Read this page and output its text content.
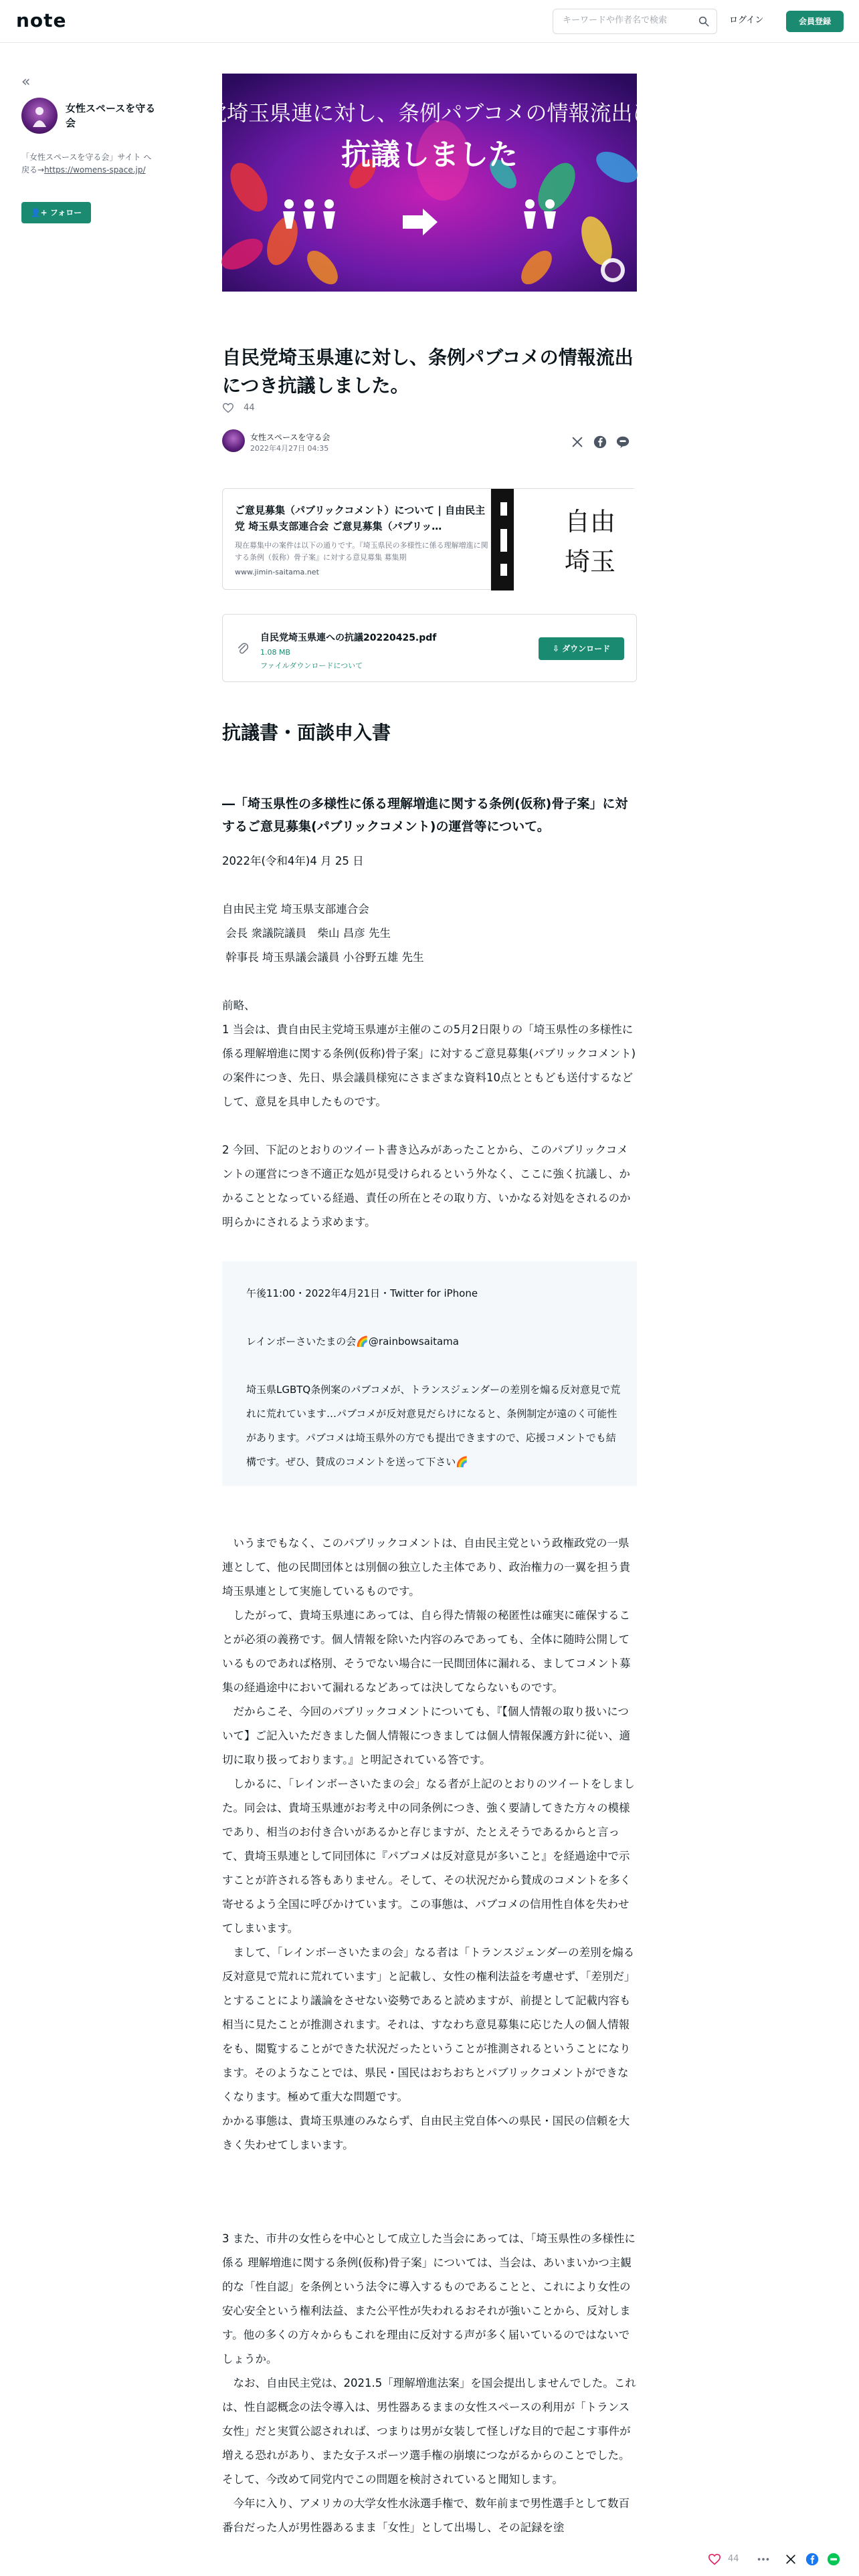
note
キーワードや作者名で検索	ログイン	会員登録
«
女性スペースを守る会
「女性スペースを守る会」サイト へ戻る→https://womens-space.jp/
👤+ フォロー
自民党埼玉県連に対し、条例パブコメの情報流出につき
抗議しました
自民党埼玉県連に対し、条例パブコメの情報流出につき抗議しました。
44
女性スペースを守る会
2022年4月27日 04:35
ご意見募集（パブリックコメント）について | 自由民主党 埼玉県支部連合会 ご意見募集（パブリッ…
現在募集中の案件は以下の通りです。『埼玉県民の多様性に係る理解増進に関する条例（仮称）骨子案』に対する意見募集 募集期
www.jimin-saitama.net
自由
埼玉
自民党埼玉県連への抗議20220425.pdf
1.08 MB
ファイルダウンロードについて
⇩ ダウンロード
抗議書・面談申入書
―「埼玉県性の多様性に係る理解増進に関する条例(仮称)骨子案」に対するご意見募集(パブリックコメント)の運営等について。
2022年(令和4年)4 月 25 日
自由民主党 埼玉県支部連合会
会長 衆議院議員　柴山 昌彦 先生
幹事長 埼玉県議会議員 小谷野五雄 先生
前略、
1 当会は、貴自由民主党埼玉県連が主催のこの5月2日限りの「埼玉県性の多様性に係る理解増進に関する条例(仮称)骨子案」に対するご意見募集(パブリックコメント)の案件につき、先日、県会議員様宛にさまざまな資料10点とともども送付するなどして、意見を具申したものです。
2 今回、下記のとおりのツイート書き込みがあったことから、このパブリックコメントの運営につき不適正な処が見受けられるという外なく、ここに強く抗議し、かかることとなっている経過、責任の所在とその取り方、いかなる対処をされるのか明らかにされるよう求めます。
午後11:00・2022年4月21日・Twitter for iPhone
レインボーさいたまの会🌈@rainbowsaitama
埼玉県LGBTQ条例案のパブコメが、トランスジェンダーの差別を煽る反対意見で荒れに荒れています…パブコメが反対意見だらけになると、条例制定が遠のく可能性があります。パブコメは埼玉県外の方でも提出できますので、応援コメントでも結構です。ぜひ、賛成のコメントを送って下さい🌈
　いうまでもなく、このパブリックコメントは、自由民主党という政権政党の一県連として、他の民間団体とは別個の独立した主体であり、政治権力の一翼を担う貴埼玉県連として実施しているものです。
　したがって、貴埼玉県連にあっては、自ら得た情報の秘匿性は確実に確保することが必須の義務です。個人情報を除いた内容のみであっても、全体に随時公開しているものであれば格別、そうでない場合に一民間団体に漏れる、ましてコメント募集の経過途中において漏れるなどあっては決してならないものです。
　だからこそ、今回のパブリックコメントについても、『【個人情報の取り扱いについて】ご記入いただきました個人情報につきましては個人情報保護方針に従い、適切に取り扱っております。』と明記されている答です。
　しかるに、「レインボーさいたまの会」なる者が上記のとおりのツイートをしました。同会は、貴埼玉県連がお考え中の同条例につき、強く要請してきた方々の模様であり、相当のお付き合いがあるかと存じますが、たとえそうであるからと言って、貴埼玉県連として同団体に『パブコメは反対意見が多いこと』を経過途中で示すことが許される答もありません。そして、その状況だから賛成のコメントを多く寄せるよう全国に呼びかけています。この事態は、パブコメの信用性自体を失わせてしまいます。
　まして、「レインボーさいたまの会」なる者は「トランスジェンダーの差別を煽る反対意見で荒れに荒れています」と記載し、女性の権利法益を考慮せず、「差別だ」とすることにより議論をさせない姿勢であると読めますが、前提として記載内容も相当に見たことが推測されます。それは、すなわち意見募集に応じた人の個人情報をも、閲覧することができた状況だったということが推測されるということになります。そのようなことでは、県民・国民はおちおちとパブリックコメントができなくなります。極めて重大な問題です。
かかる事態は、貴埼玉県連のみならず、自由民主党自体への県民・国民の信頼を大きく失わせてしまいます。
3 また、市井の女性らを中心として成立した当会にあっては、「埼玉県性の多様性に係る 理解増進に関する条例(仮称)骨子案」については、当会は、あいまいかつ主観的な「性自認」を条例という法令に導入するものであることと、これにより女性の安心安全という権利法益、また公平性が失われるおそれが強いことから、反対します。他の多くの方々からもこれを理由に反対する声が多く届いているのではないでしょうか。
　なお、自由民主党は、2021.5「理解増進法案」を国会提出しませんでした。これは、性自認概念の法令導入は、男性器あるままの女性スペースの利用が「トランス女性」だと実質公認されれば、つまりは男が女装して怪しげな目的で起こす事件が増える恐れがあり、また女子スポーツ選手権の崩壊につながるからのことでした。そして、今改めて同党内でこの問題を検討されていると聞知します。
　今年に入り、アメリカの大学女性水泳選手権で、数年前まで男性選手として数百番台だった人が男性器あるまま「女性」として出場し、その記録を塗
44
